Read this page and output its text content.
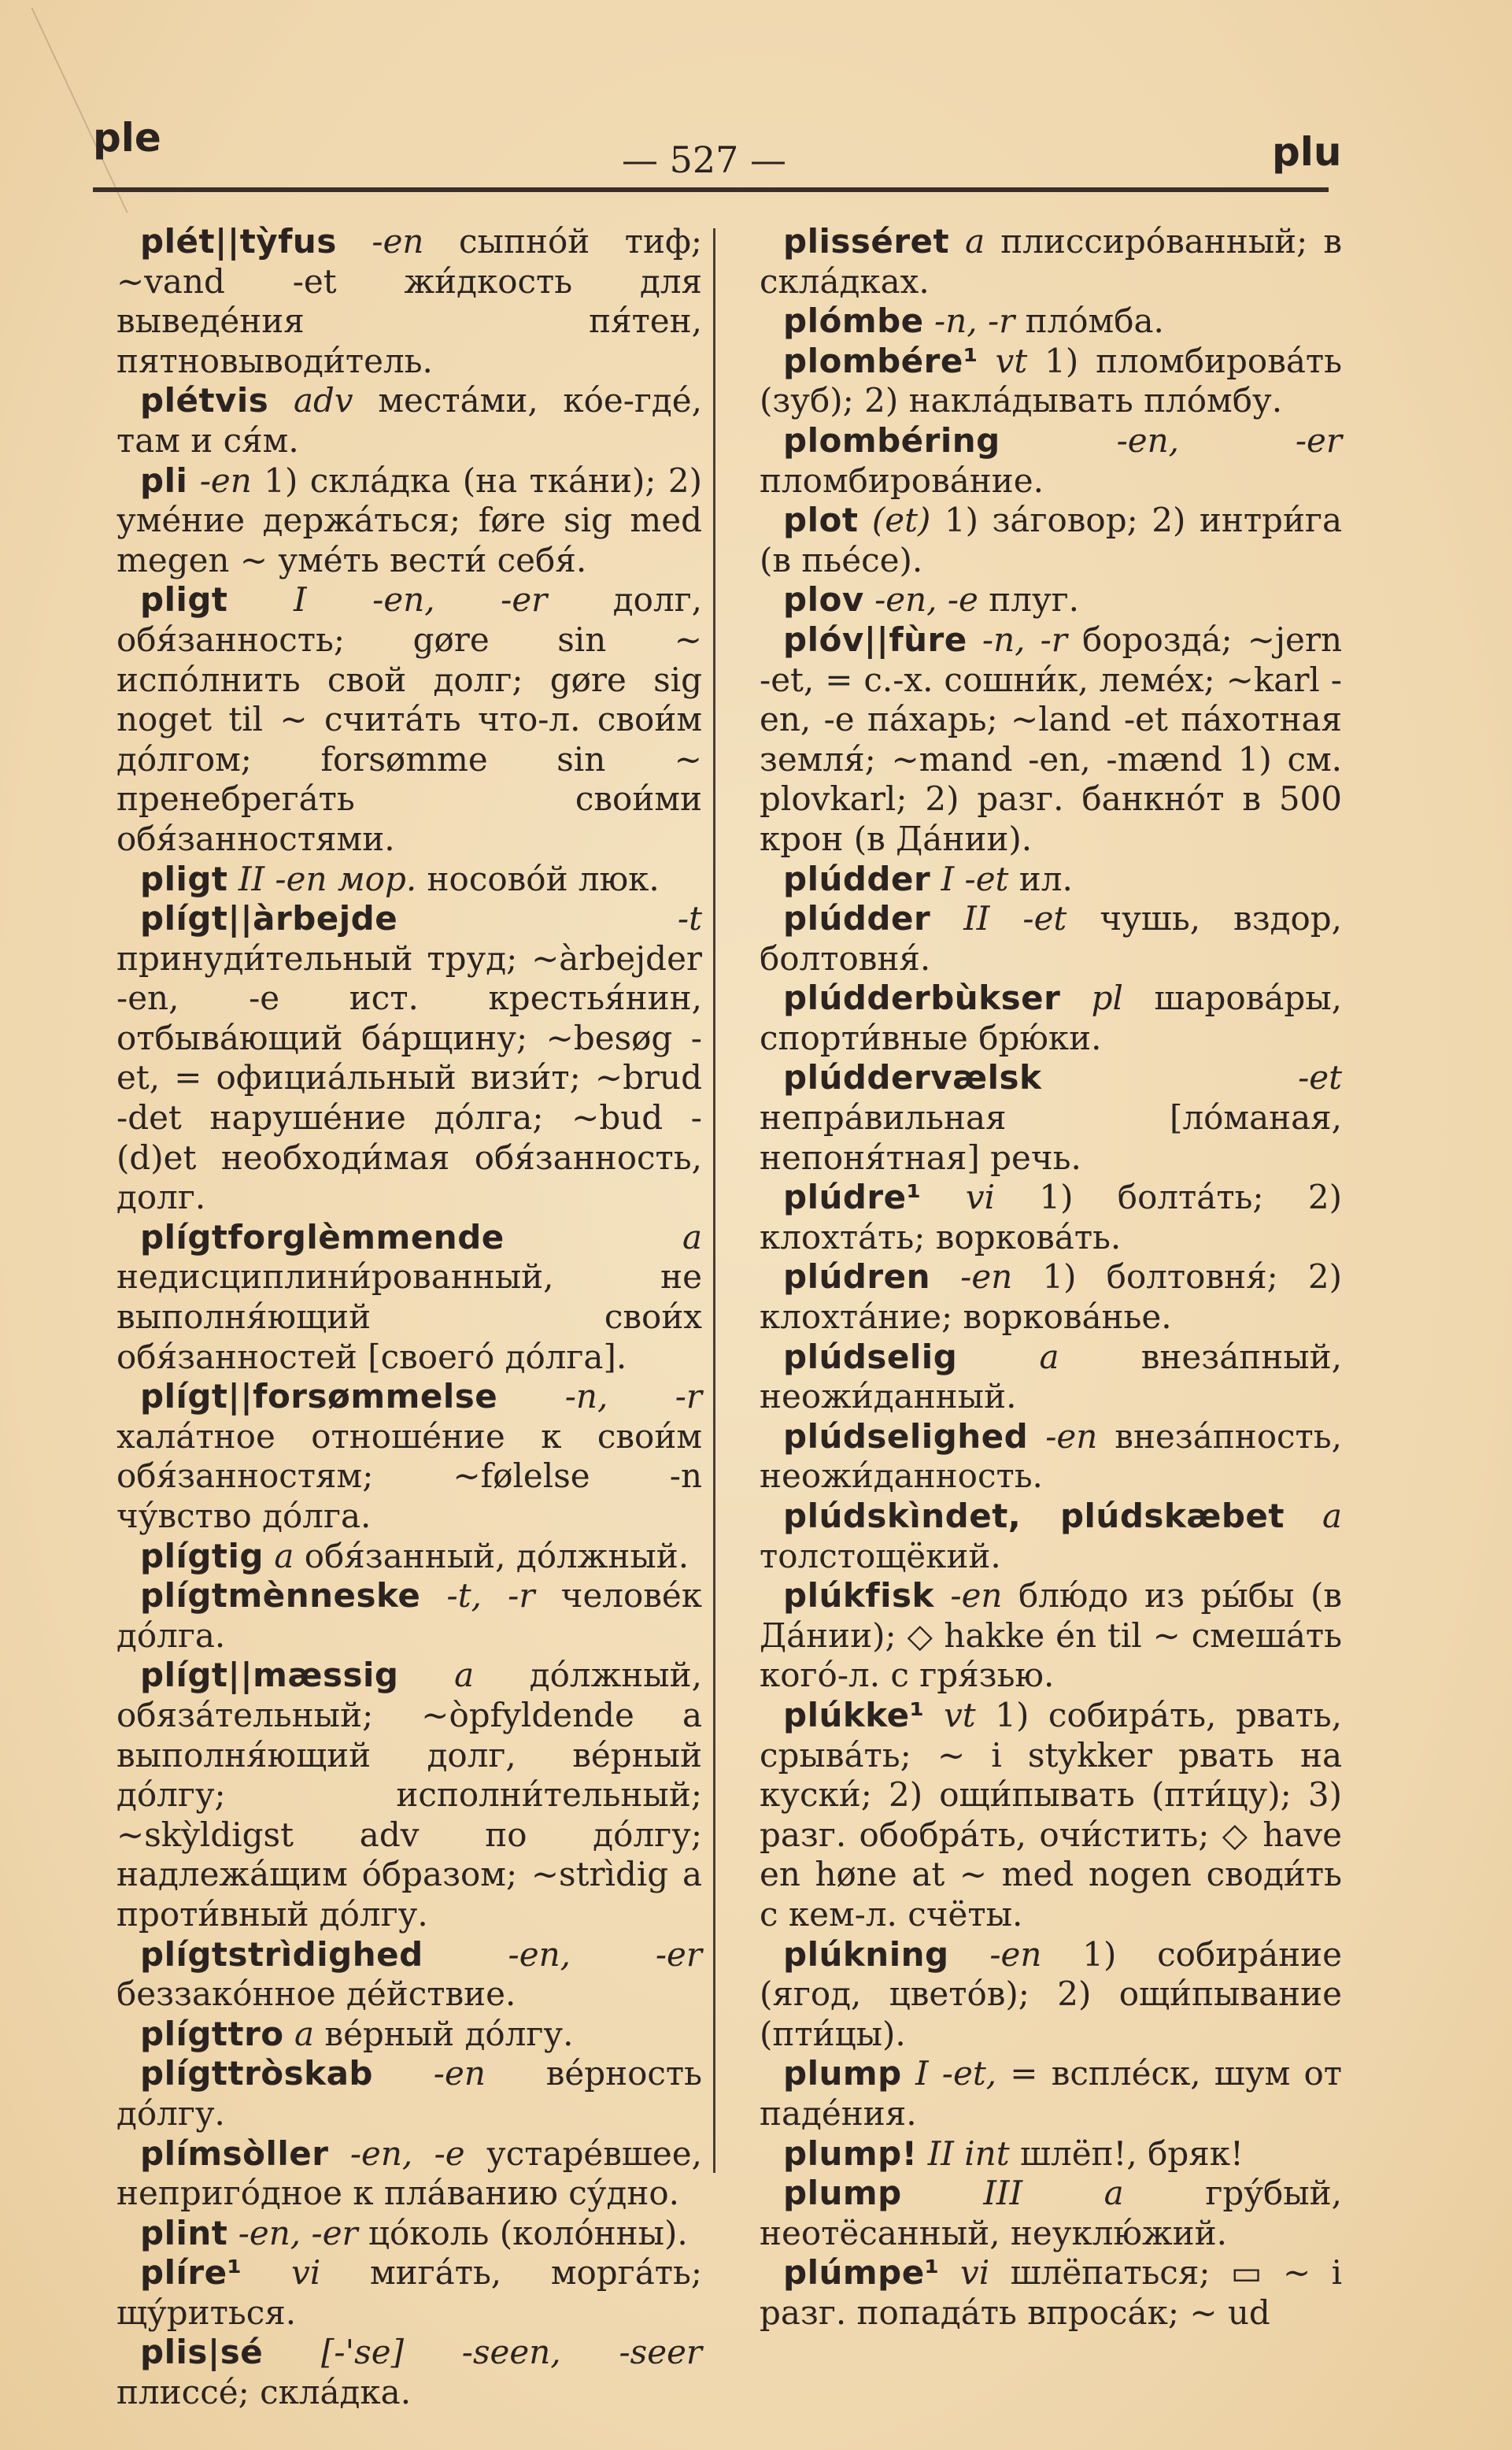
ple	— 527 —	plu

plét||tỳfus -en сыпно́й тиф; ~vand -et жи́дкость для выведе́ния пя́тен, пятновыводи́тель.

plétvis adv места́ми, ко́е-где́, там и ся́м.

pli -en 1) скла́дка (на тка́ни); 2) уме́ние держа́ться; føre sig med megen ~ уме́ть вести́ себя́.

pligt I -en, -er долг, обя́занность; gøre sin ~ испо́лнить свой долг; gøre sig noget til ~ счита́ть что-л. свои́м до́лгом; forsømme sin ~ пренебрега́ть свои́ми обя́занностями.

pligt II -en мор. носово́й люк.

plígt||àrbejde	-t принуди́тельный труд; ~àrbejder -en, -e ист. крестья́нин, отбыва́ющий ба́рщину; ~besøg -et, = официа́льный визи́т; ~brud -det наруше́ние до́лга; ~bud -(d)et необходи́мая обя́занность, долг.

plígtforglèmmende	a недисциплини́рованный, не выполня́ющий свои́х обя́занностей [своего́ до́лга].

plígt||forsømmelse -n, -r хала́тное отноше́ние к свои́м обя́занностям; ~følelse -n чу́вство до́лга.

plígtig a обя́занный, до́лжный.

plígtmènneske -t, -r челове́к до́лга.

plígt||mæssig a до́лжный, обяза́тельный; ~òpfyldende a выполня́ющий долг, ве́рный до́лгу; исполни́тельный; ~skỳldigst adv по до́лгу; надлежа́щим о́бразом; ~strìdig a проти́вный до́лгу.

plígtstrìdighed	-en, -er беззако́нное де́йствие.

plígttro a ве́рный до́лгу.

plígttròskab -en ве́рность до́лгу.

plímsòller -en, -e устаре́вшее, неприго́дное к пла́ванию су́дно.

plint -en, -er цо́коль (коло́нны).

plíre¹ vi мига́ть, морга́ть; щу́риться.

plis|sé [-'se] -seen, -seer плиссе́; скла́дка.

plisséret a плиссиро́ванный; в скла́дках.

plómbe -n, -r пло́мба.

plombére¹ vt 1) пломбирова́ть (зуб); 2) накла́дывать пло́мбу.

plombéring	-en, -er пломбирова́ние.

plot (et) 1) за́говор; 2) интри́га (в пье́се).

plov -en, -e плуг.

plóv||fùre -n, -r борозда́; ~jern -et, = с.-х. сошни́к, леме́х; ~karl -en, -e па́харь; ~land -et па́хотная земля́; ~mand -en, -mænd 1) см. plovkarl; 2) разг. банкно́т в 500 крон (в Да́нии).

plúdder I -et ил.

plúdder II -et чушь, вздор, болтовня́.

plúdderbùkser pl шарова́ры, спорти́вные брю́ки.

plúddervælsk	-et непра́вильная [ло́маная, непоня́тная] речь.

plúdre¹ vi 1) болта́ть; 2) клохта́ть; воркова́ть.

plúdren -en 1) болтовня́; 2) клохта́ние; воркова́нье.

plúdselig a внеза́пный, неожи́данный.

plúdselighed -en внеза́пность, неожи́данность.

plúdskìndet, plúdskæbet a толстощёкий.

plúkfisk -en блю́до из ры́бы (в Да́нии); ◇ hakke én til ~ смеша́ть кого́-л. с гря́зью.

plúkke¹ vt 1) собира́ть, рвать, срыва́ть; ~ i stykker рвать на куски́; 2) ощи́пывать (пти́цу); 3) разг. обобра́ть, очи́стить; ◇ have en høne at ~ med nogen своди́ть с кем-л. счёты.

plúkning -en 1) собира́ние (ягод, цвето́в); 2) ощи́пывание (пти́цы).

plump I -et, = вспле́ск, шум от паде́ния.

plump! II int шлёп!, бряк!

plump III a гру́бый, неотёсанный, неуклю́жий.

plúmpe¹ vi шлёпаться; ▭ ~ i разг. попада́ть впроса́к; ~ ud
